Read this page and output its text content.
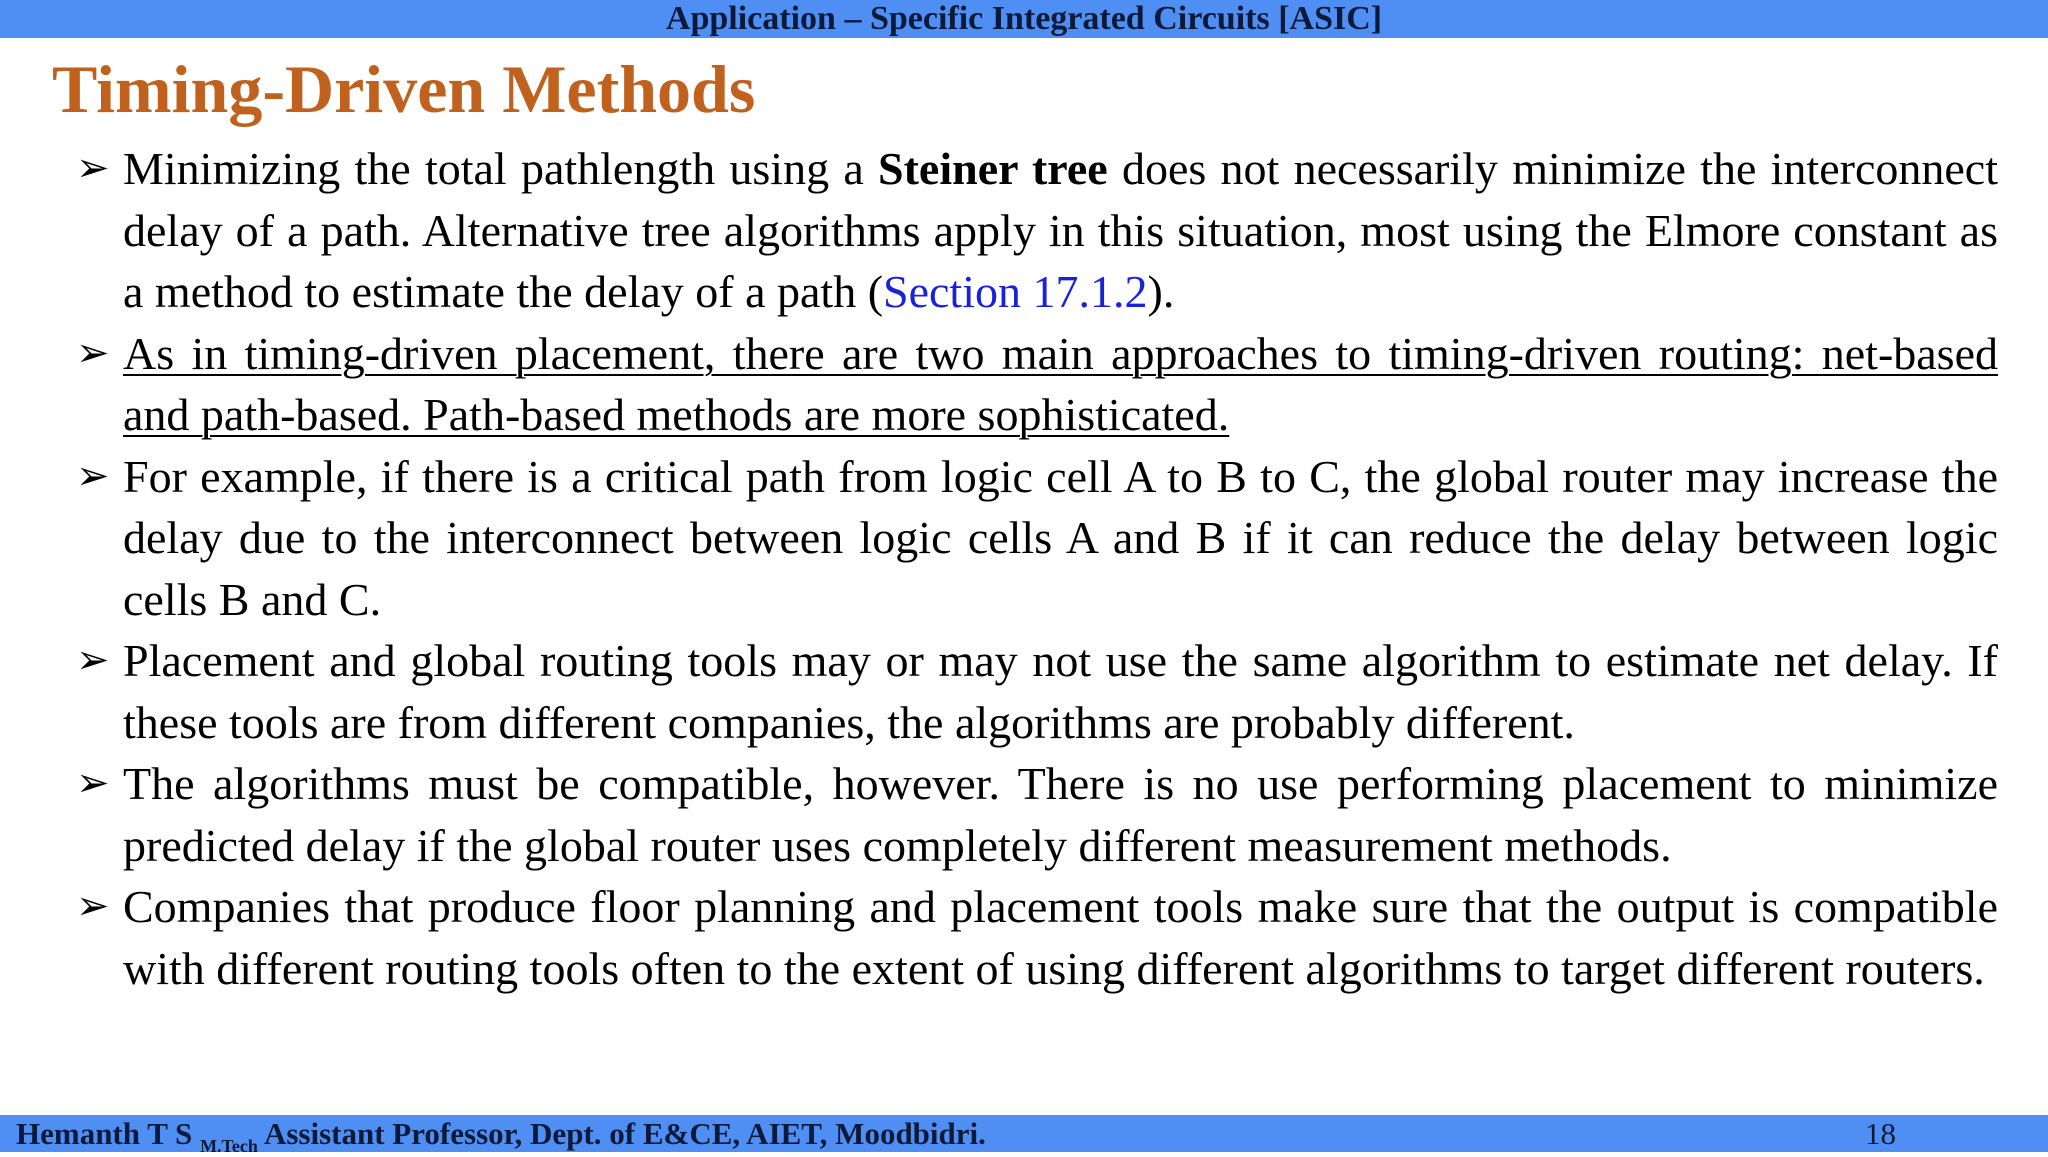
Application – Specific Integrated Circuits [ASIC]
Timing-Driven Methods
➢ Minimizing the total pathlength using a Steiner tree does not necessarily minimize the interconnect delay of a path. Alternative tree algorithms apply in this situation, most using the Elmore constant as a method to estimate the delay of a path (Section 17.1.2).
➢ As in timing-driven placement, there are two main approaches to timing-driven routing: net-based and path-based. Path-based methods are more sophisticated.
➢ For example, if there is a critical path from logic cell A to B to C, the global router may increase the delay due to the interconnect between logic cells A and B if it can reduce the delay between logic cells B and C.
➢ Placement and global routing tools may or may not use the same algorithm to estimate net delay. If these tools are from different companies, the algorithms are probably different.
➢ The algorithms must be compatible, however. There is no use performing placement to minimize predicted delay if the global router uses completely different measurement methods.
➢ Companies that produce floor planning and placement tools make sure that the output is compatible with different routing tools often to the extent of using different algorithms to target different routers.
Hemanth T S $_{M.Tech}$ Assistant Professor, Dept. of E&CE, AIET, Moodbidri.	18
